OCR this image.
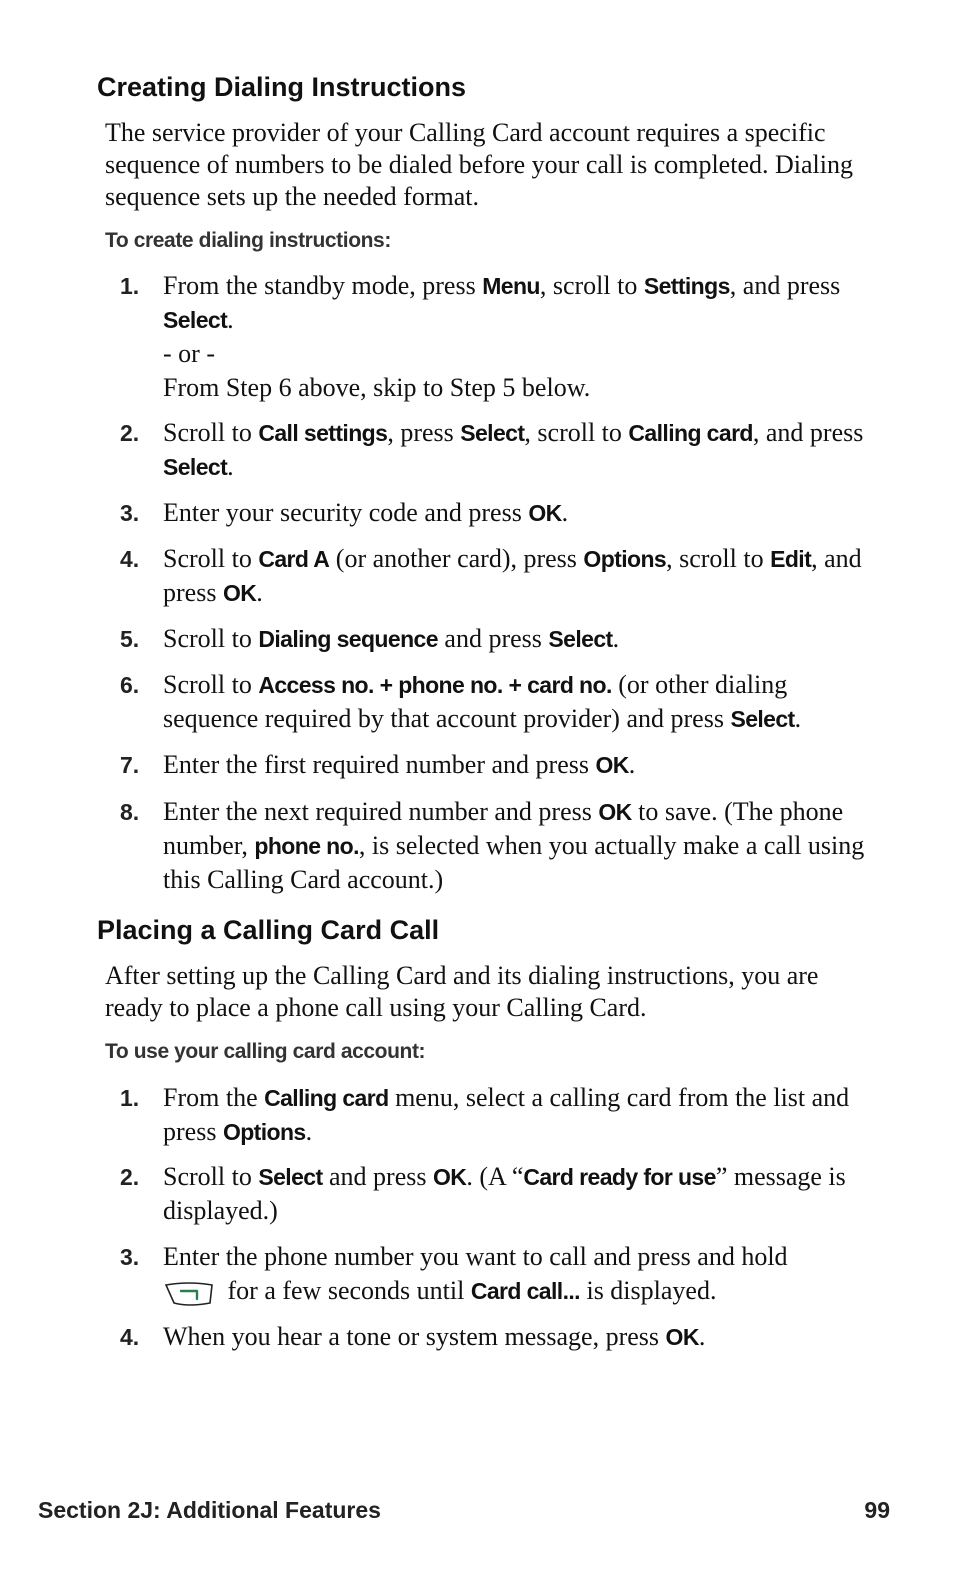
Creating Dialing Instructions

The service provider of your Calling Card account requires a specific sequence of numbers to be dialed before your call is completed. Dialing sequence sets up the needed format.

To create dialing instructions:

1. From the standby mode, press Menu, scroll to Settings, and press Select.
- or -
From Step 6 above, skip to Step 5 below.
2. Scroll to Call settings, press Select, scroll to Calling card, and press Select.
3. Enter your security code and press OK.
4. Scroll to Card A (or another card), press Options, scroll to Edit, and press OK.
5. Scroll to Dialing sequence and press Select.
6. Scroll to Access no. + phone no. + card no. (or other dialing sequence required by that account provider) and press Select.
7. Enter the first required number and press OK.
8. Enter the next required number and press OK to save. (The phone number, phone no., is selected when you actually make a call using this Calling Card account.)
Placing a Calling Card Call

After setting up the Calling Card and its dialing instructions, you are ready to place a phone call using your Calling Card.

To use your calling card account:

1. From the Calling card menu, select a calling card from the list and press Options.
2. Scroll to Select and press OK. (A “Card ready for use” message is displayed.)
3. Enter the phone number you want to call and press and hold
for a few seconds until Card call... is displayed.
4. When you hear a tone or system message, press OK.
Section 2J: Additional Features	99
